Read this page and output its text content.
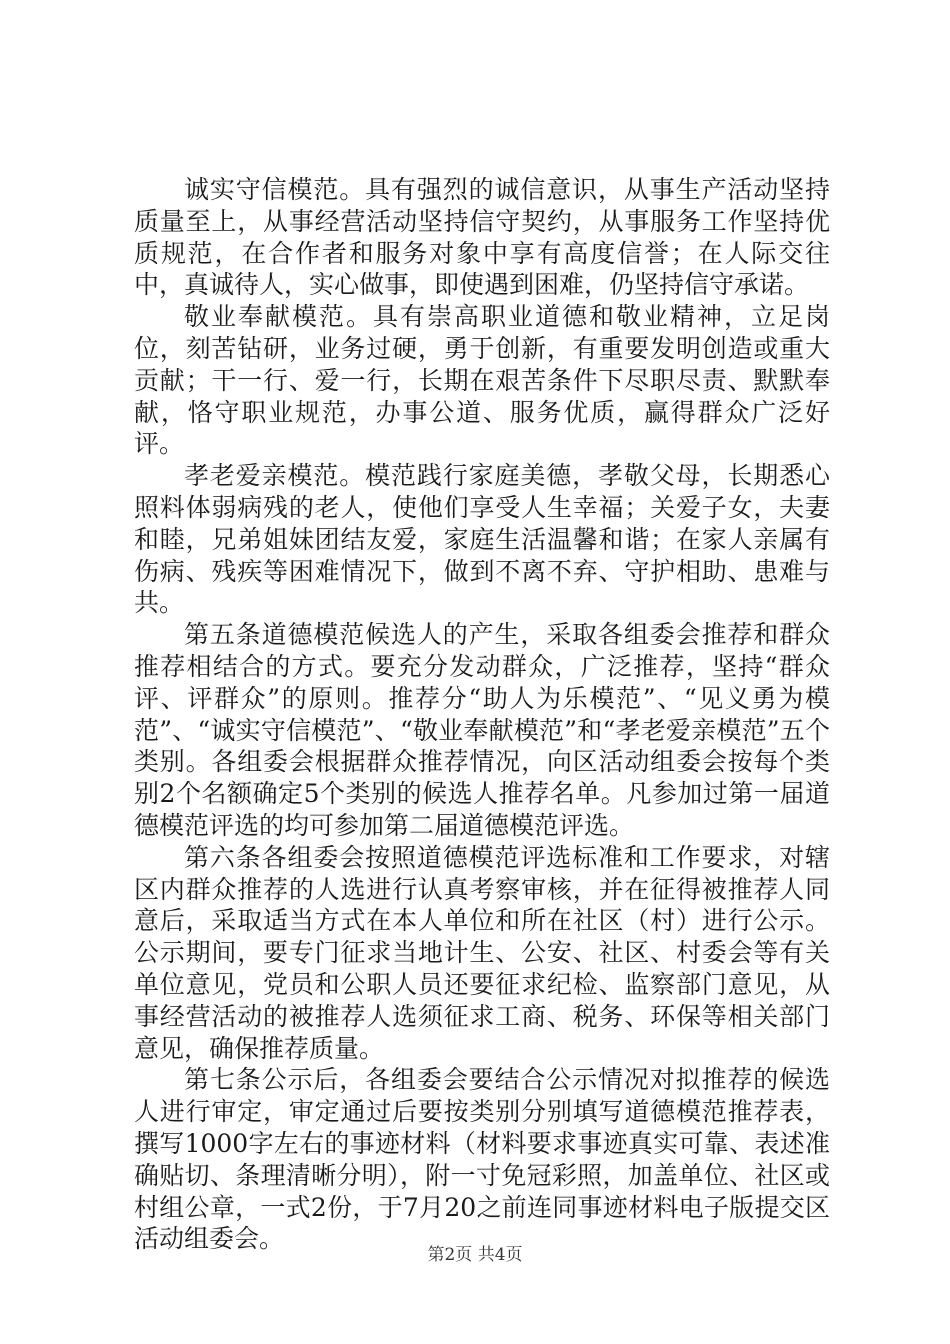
诚实守信模范。具有强烈的诚信意识，从事生产活动坚持质量至上，从事经营活动坚持信守契约，从事服务工作坚持优质规范，在合作者和服务对象中享有高度信誉；在人际交往中，真诚待人，实心做事，即使遇到困难，仍坚持信守承诺。

敬业奉献模范。具有崇高职业道德和敬业精神，立足岗位，刻苦钻研，业务过硬，勇于创新，有重要发明创造或重大贡献；干一行、爱一行，长期在艰苦条件下尽职尽责、默默奉献，恪守职业规范，办事公道、服务优质，赢得群众广泛好评。

孝老爱亲模范。模范践行家庭美德，孝敬父母，长期悉心照料体弱病残的老人，使他们享受人生幸福；关爱子女，夫妻和睦，兄弟姐妹团结友爱，家庭生活温馨和谐；在家人亲属有伤病、残疾等困难情况下，做到不离不弃、守护相助、患难与共。

第五条道德模范候选人的产生，采取各组委会推荐和群众推荐相结合的方式。要充分发动群众，广泛推荐，坚持“群众评、评群众”的原则。推荐分“助人为乐模范”、“见义勇为模范”、“诚实守信模范”、“敬业奉献模范”和“孝老爱亲模范”五个类别。各组委会根据群众推荐情况，向区活动组委会按每个类别2个名额确定5个类别的候选人推荐名单。凡参加过第一届道德模范评选的均可参加第二届道德模范评选。

第六条各组委会按照道德模范评选标准和工作要求，对辖区内群众推荐的人选进行认真考察审核，并在征得被推荐人同意后，采取适当方式在本人单位和所在社区（村）进行公示。公示期间，要专门征求当地计生、公安、社区、村委会等有关单位意见，党员和公职人员还要征求纪检、监察部门意见，从事经营活动的被推荐人选须征求工商、税务、环保等相关部门意见，确保推荐质量。

第七条公示后，各组委会要结合公示情况对拟推荐的候选人进行审定，审定通过后要按类别分别填写道德模范推荐表，撰写1000字左右的事迹材料（材料要求事迹真实可靠、表述准确贴切、条理清晰分明），附一寸免冠彩照，加盖单位、社区或村组公章，一式2份，于7月20之前连同事迹材料电子版提交区活动组委会。

第2页 共4页
